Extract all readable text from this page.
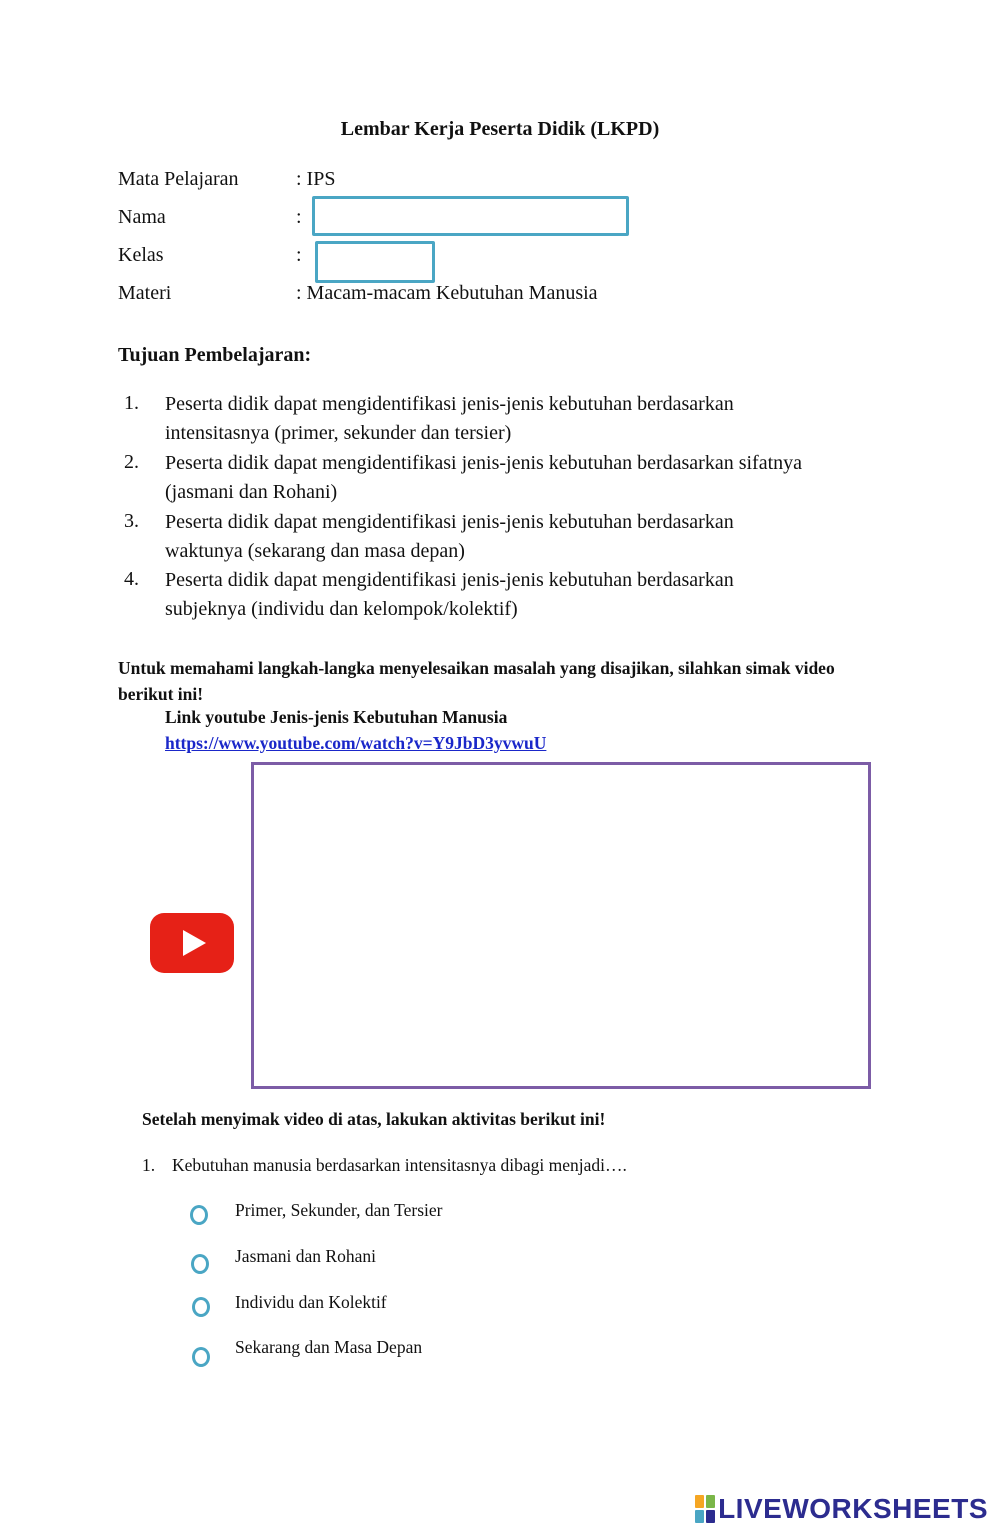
Lembar Kerja Peserta Didik (LKPD)
Mata Pelajaran	: IPS
Nama	:
Kelas	:
Materi	: Macam-macam Kebutuhan Manusia
Tujuan Pembelajaran:
1. Peserta didik dapat mengidentifikasi jenis-jenis kebutuhan berdasarkan
intensitasnya (primer, sekunder dan tersier)
2. Peserta didik dapat mengidentifikasi jenis-jenis kebutuhan berdasarkan sifatnya
(jasmani dan Rohani)
3. Peserta didik dapat mengidentifikasi jenis-jenis kebutuhan berdasarkan
waktunya (sekarang dan masa depan)
4. Peserta didik dapat mengidentifikasi jenis-jenis kebutuhan berdasarkan
subjeknya (individu dan kelompok/kolektif)
Untuk memahami langkah-langka menyelesaikan masalah yang disajikan, silahkan simak video berikut ini!
Link youtube Jenis-jenis Kebutuhan Manusia
https://www.youtube.com/watch?v=Y9JbD3yvwuU
Setelah menyimak video di atas, lakukan aktivitas berikut ini!
1. Kebutuhan manusia berdasarkan intensitasnya dibagi menjadi….
Primer, Sekunder, dan Tersier
Jasmani dan Rohani
Individu dan Kolektif
Sekarang dan Masa Depan
LIVEWORKSHEETS
